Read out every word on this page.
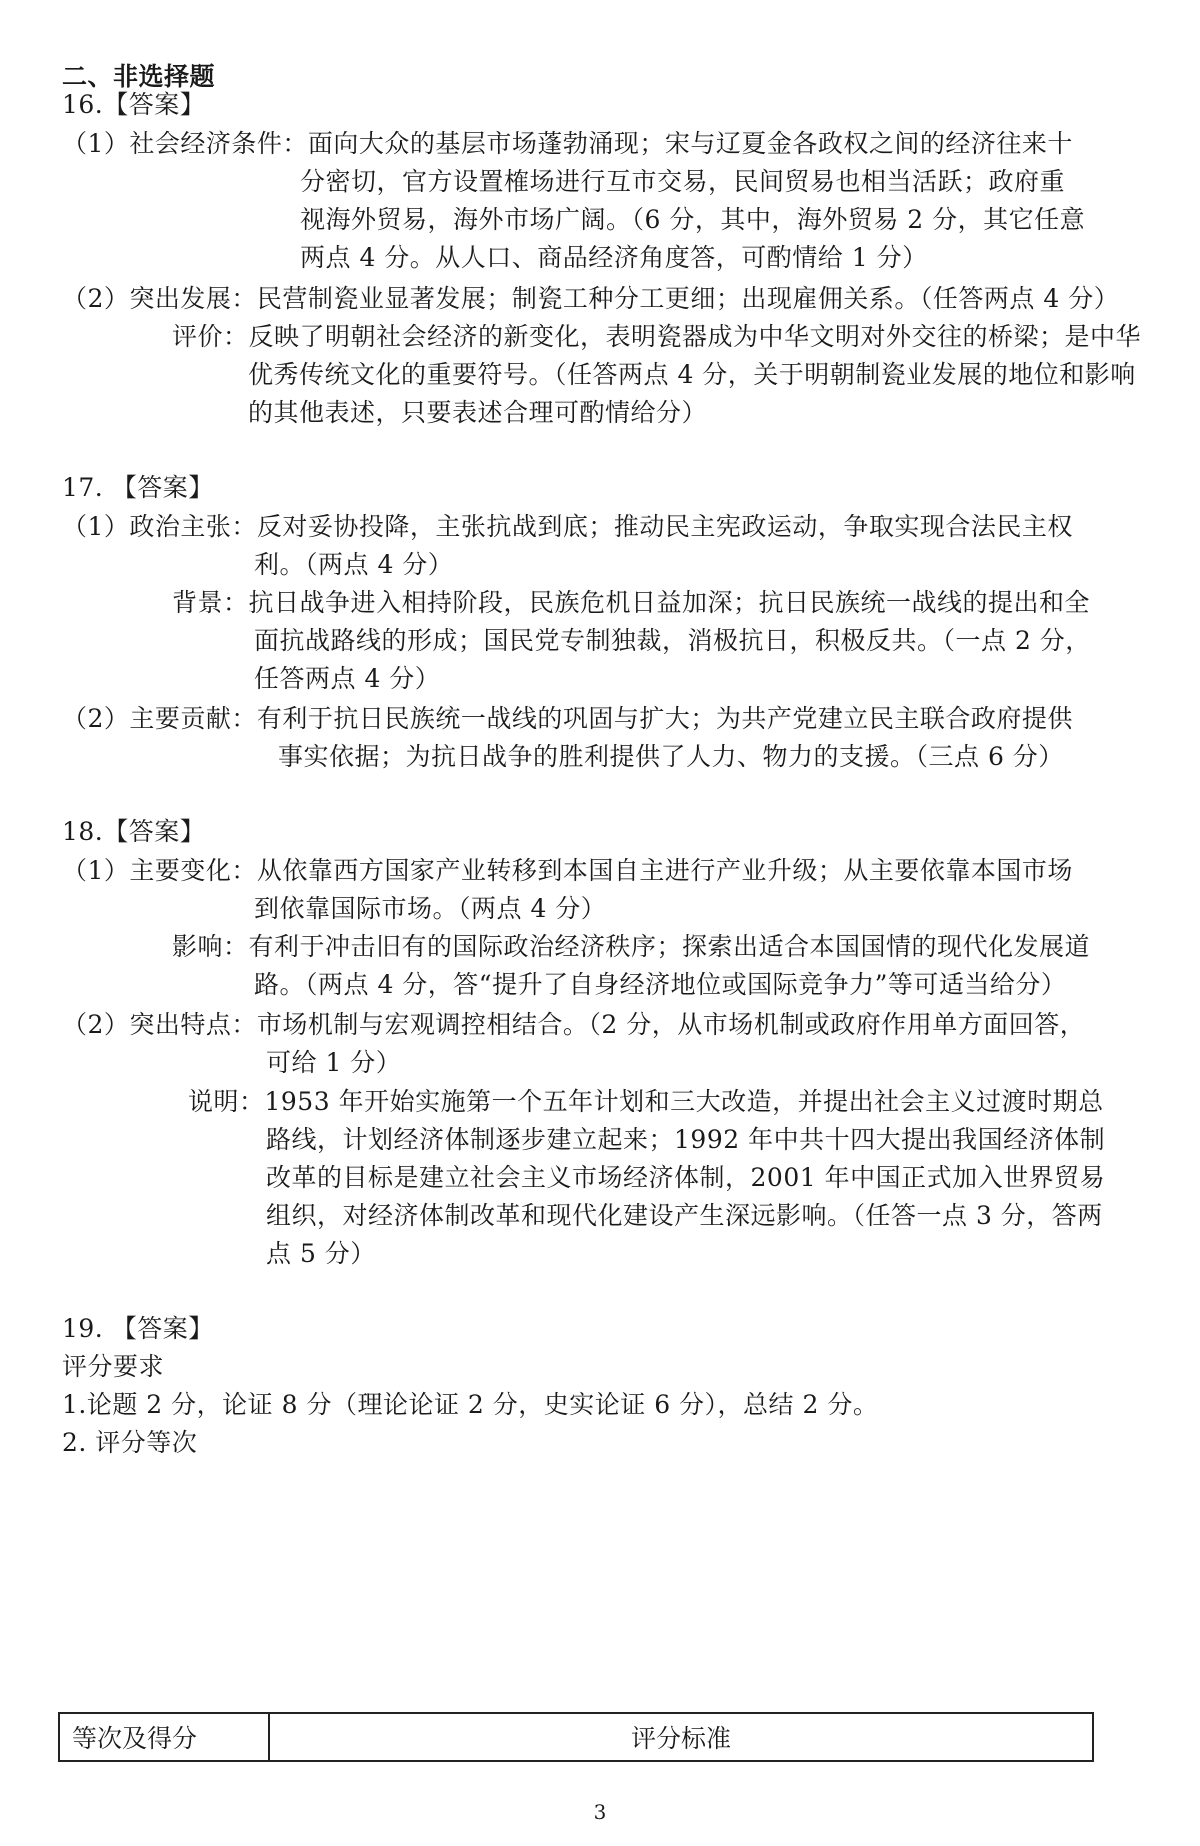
二、非选择题
16.【答案】
（1）社会经济条件：面向大众的基层市场蓬勃涌现；宋与辽夏金各政权之间的经济往来十
分密切，官方设置榷场进行互市交易，民间贸易也相当活跃；政府重
视海外贸易，海外市场广阔。（6 分，其中，海外贸易 2 分，其它任意
两点 4 分。从人口、商品经济角度答，可酌情给 1 分）
（2）突出发展：民营制瓷业显著发展；制瓷工种分工更细；出现雇佣关系。（任答两点 4 分）
评价：反映了明朝社会经济的新变化，表明瓷器成为中华文明对外交往的桥梁；是中华
优秀传统文化的重要符号。（任答两点 4 分，关于明朝制瓷业发展的地位和影响
的其他表述，只要表述合理可酌情给分）
17. 【答案】
（1）政治主张：反对妥协投降，主张抗战到底；推动民主宪政运动，争取实现合法民主权
利。（两点 4 分）
背景：抗日战争进入相持阶段，民族危机日益加深；抗日民族统一战线的提出和全
面抗战路线的形成；国民党专制独裁，消极抗日，积极反共。（一点 2 分，
任答两点 4 分）
（2）主要贡献：有利于抗日民族统一战线的巩固与扩大；为共产党建立民主联合政府提供
事实依据；为抗日战争的胜利提供了人力、物力的支援。（三点 6 分）
18.【答案】
（1）主要变化：从依靠西方国家产业转移到本国自主进行产业升级；从主要依靠本国市场
到依靠国际市场。（两点 4 分）
影响：有利于冲击旧有的国际政治经济秩序；探索出适合本国国情的现代化发展道
路。（两点 4 分，答“提升了自身经济地位或国际竞争力”等可适当给分）
（2）突出特点：市场机制与宏观调控相结合。（2 分，从市场机制或政府作用单方面回答，
可给 1 分）
说明：1953 年开始实施第一个五年计划和三大改造，并提出社会主义过渡时期总
路线，计划经济体制逐步建立起来；1992 年中共十四大提出我国经济体制
改革的目标是建立社会主义市场经济体制，2001 年中国正式加入世界贸易
组织，对经济体制改革和现代化建设产生深远影响。（任答一点 3 分，答两
点 5 分）
19. 【答案】
评分要求
1.论题 2 分，论证 8 分（理论论证 2 分，史实论证 6 分），总结 2 分。
2. 评分等次
等次及得分	评分标准
3
